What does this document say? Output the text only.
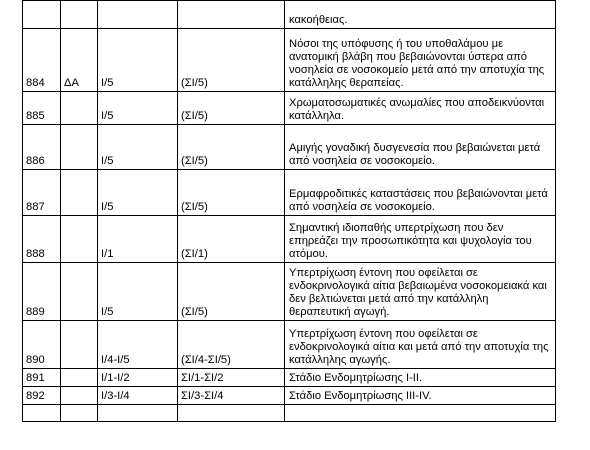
				κακοήθειας.
884	ΔΑ	Ι/5	(ΣΙ/5)	Νόσοι της υπόφυσης ή του υποθαλάμου με ανατομική βλάβη που βεβαιώνονται ύστερα από νοσηλεία σε νοσοκομείο μετά από την αποτυχία της κατάλληλης θεραπείας.
885		Ι/5	(ΣΙ/5)	Χρωματοσωματικές ανωμαλίες που αποδεικνύονται κατάλληλα.
886		Ι/5	(ΣΙ/5)	Αμιγής γοναδική δυσγενεσία που βεβαιώνεται μετά από νοσηλεία σε νοσοκομείο.
887		Ι/5	(ΣΙ/5)	Ερμαφροδιτικές καταστάσεις που βεβαιώνονται μετά από νοσηλεία σε νοσοκομείο.
888		Ι/1	(ΣΙ/1)	Σημαντική ιδιοπαθής υπερτρίχωση που δεν επηρεάζει την προσωπικότητα και ψυχολογία του ατόμου.
889		Ι/5	(ΣΙ/5)	Υπερτρίχωση έντονη που οφείλεται σε ενδοκρινολογικά αίτια βεβαιωμένα νοσοκομειακά και δεν βελτιώνεται μετά από την κατάλληλη θεραπευτική αγωγή.
890		Ι/4-Ι/5	(ΣΙ/4-ΣΙ/5)	Υπερτρίχωση έντονη που οφείλεται σε ενδοκρινολογικά αίτια και μετά από την αποτυχία της κατάλληλης αγωγής.
891		Ι/1-Ι/2	ΣΙ/1-ΣΙ/2	Στάδιο Ενδομητρίωσης Ι-ΙΙ.
892		Ι/3-Ι/4	ΣΙ/3-ΣΙ/4	Στάδιο Ενδομητρίωσης ΙΙΙ-ΙV.
